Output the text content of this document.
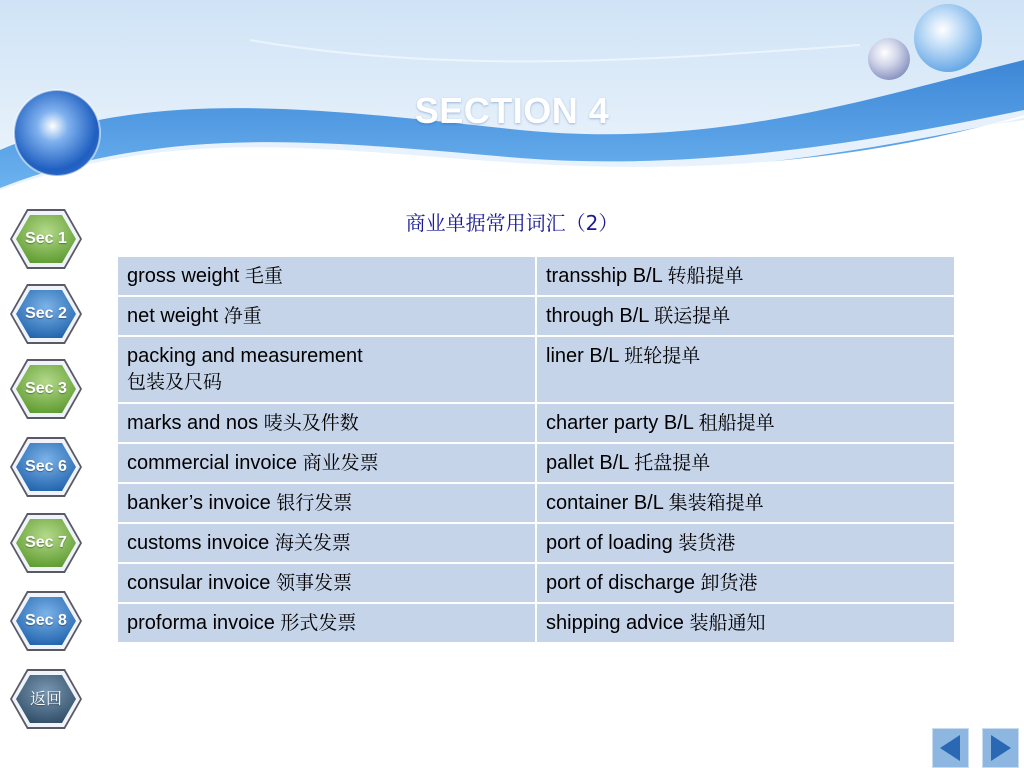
SECTION 4
商业单据常用词汇（2）
Sec 1
Sec 2
Sec 3
Sec 6
Sec 7
Sec 8
返回
gross weight 毛重	transship B/L 转船提单
net weight 净重	through B/L 联运提单
packing and measurement
包装及尺码	liner B/L 班轮提单
marks and nos 唛头及件数	charter party B/L 租船提单
commercial invoice 商业发票	pallet B/L 托盘提单
banker’s invoice 银行发票	container B/L 集装箱提单
customs invoice 海关发票	port of loading 装货港
consular invoice 领事发票	port of discharge 卸货港
proforma invoice 形式发票	shipping advice 装船通知
